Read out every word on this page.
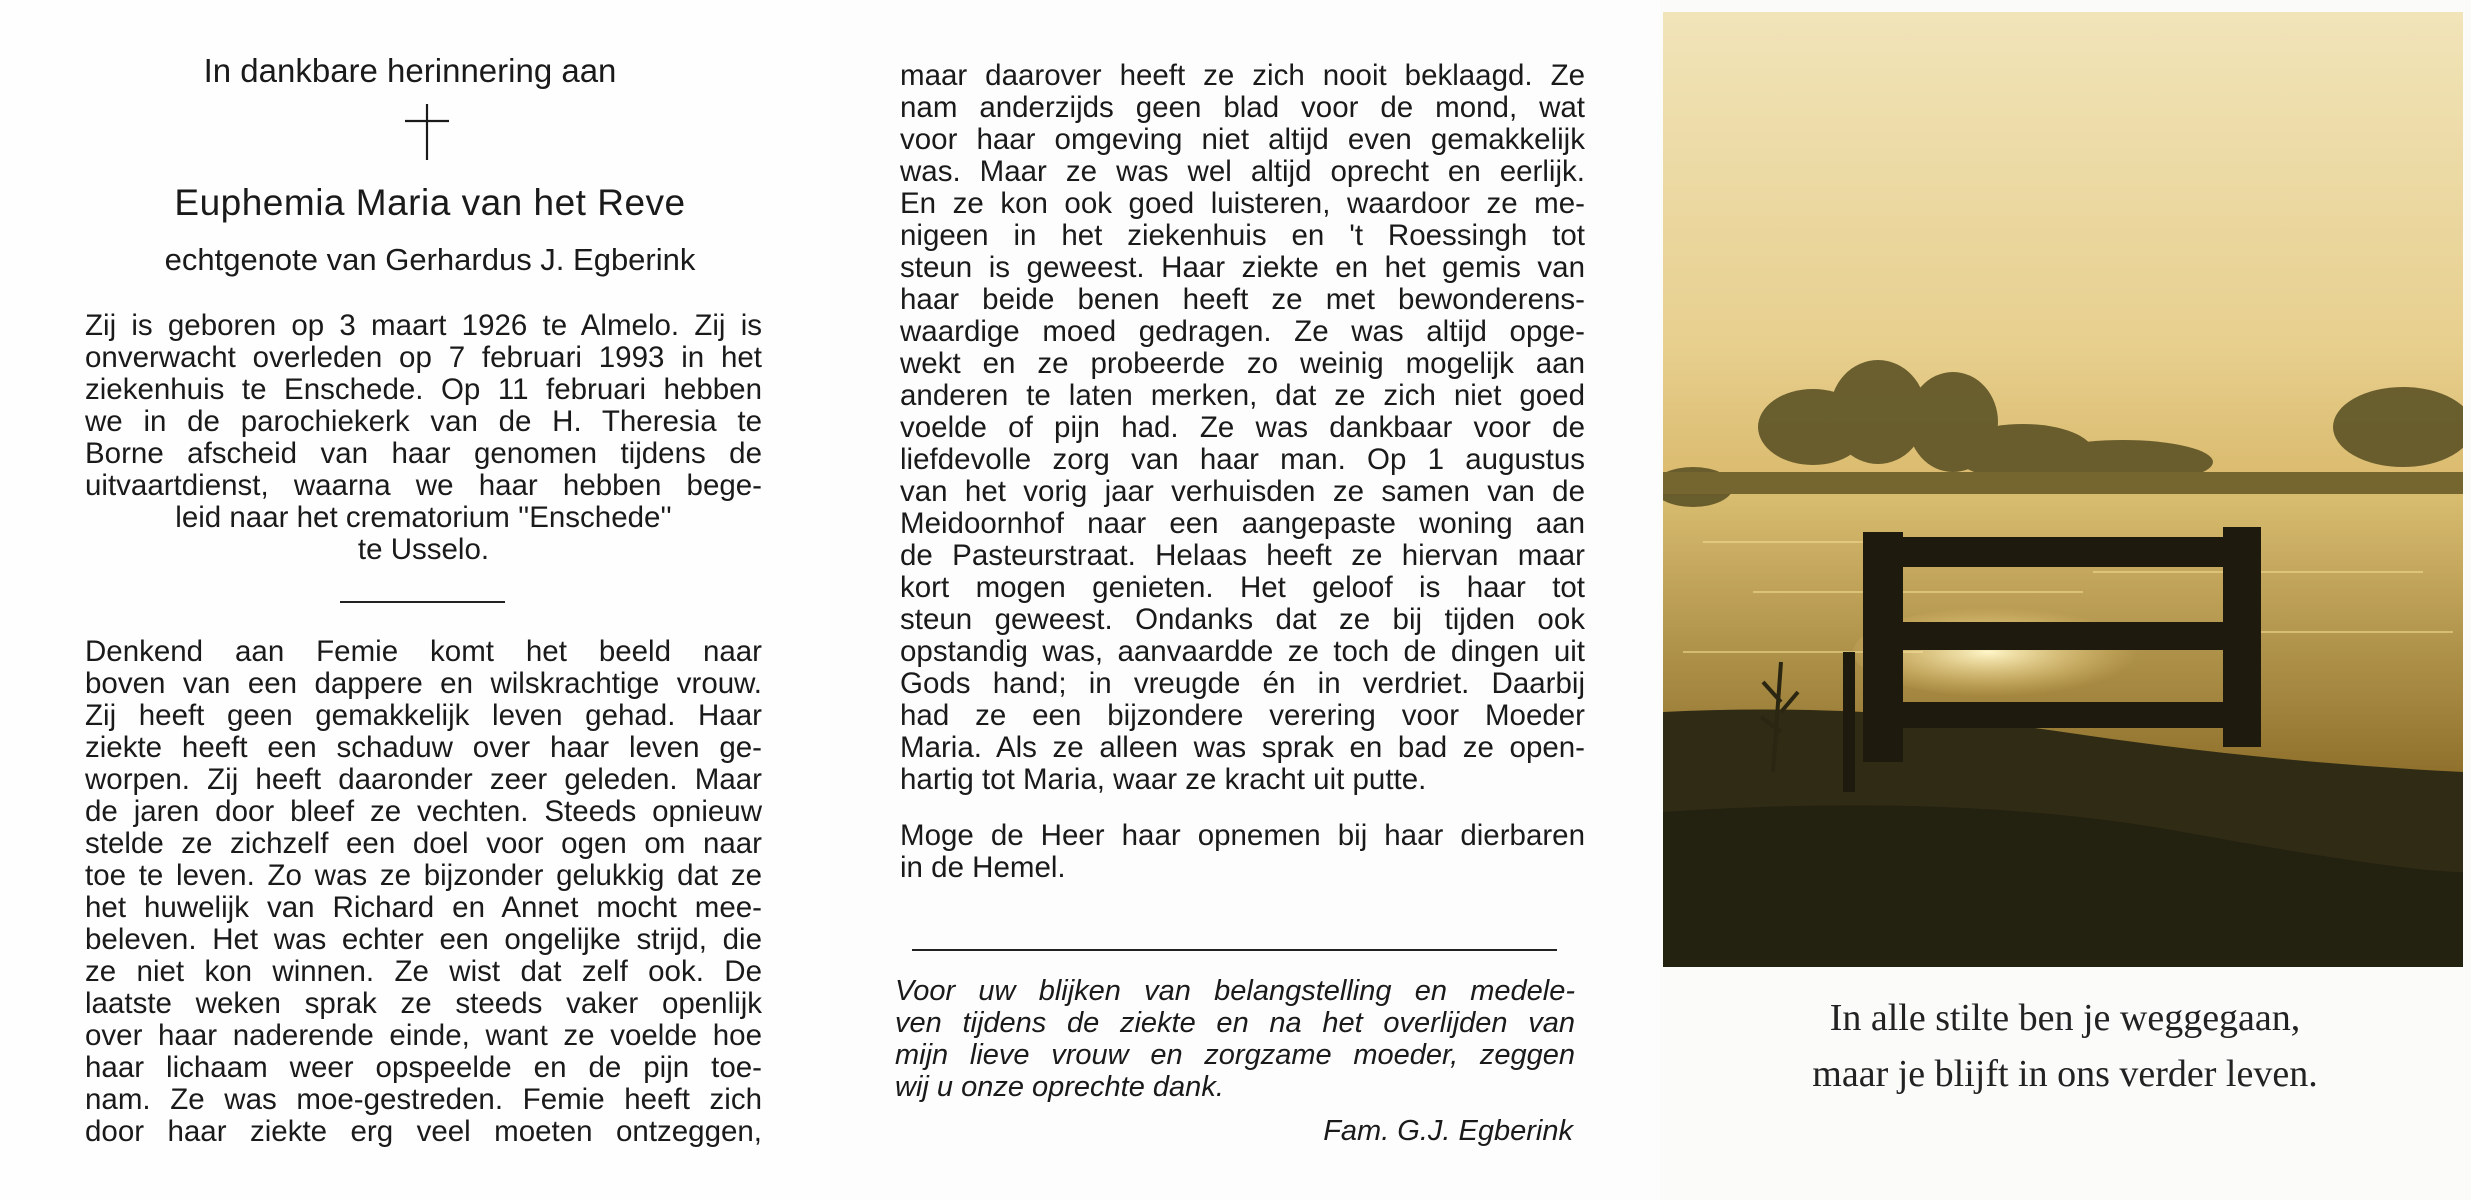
In dankbare herinnering aan
Euphemia Maria van het Reve
echtgenote van Gerhardus J. Egberink
Zij is geboren op 3 maart 1926 te Almelo. Zij is
onverwacht overleden op 7 februari 1993 in het
ziekenhuis te Enschede. Op 11 februari hebben
we in de parochiekerk van de H. Theresia te
Borne afscheid van haar genomen tijdens de
uitvaartdienst, waarna we haar hebben bege-
leid naar het crematorium ''Enschede''
te Usselo.
Denkend aan Femie komt het beeld naar
boven van een dappere en wilskrachtige vrouw.
Zij heeft geen gemakkelijk leven gehad. Haar
ziekte heeft een schaduw over haar leven ge-
worpen. Zij heeft daaronder zeer geleden. Maar
de jaren door bleef ze vechten. Steeds opnieuw
stelde ze zichzelf een doel voor ogen om naar
toe te leven. Zo was ze bijzonder gelukkig dat ze
het huwelijk van Richard en Annet mocht mee-
beleven. Het was echter een ongelijke strijd, die
ze niet kon winnen. Ze wist dat zelf ook. De
laatste weken sprak ze steeds vaker openlijk
over haar naderende einde, want ze voelde hoe
haar lichaam weer opspeelde en de pijn toe-
nam. Ze was moe-gestreden. Femie heeft zich
door haar ziekte erg veel moeten ontzeggen,
maar daarover heeft ze zich nooit beklaagd. Ze
nam anderzijds geen blad voor de mond, wat
voor haar omgeving niet altijd even gemakkelijk
was. Maar ze was wel altijd oprecht en eerlijk.
En ze kon ook goed luisteren, waardoor ze me-
nigeen in het ziekenhuis en 't Roessingh tot
steun is geweest. Haar ziekte en het gemis van
haar beide benen heeft ze met bewonderens-
waardige moed gedragen. Ze was altijd opge-
wekt en ze probeerde zo weinig mogelijk aan
anderen te laten merken, dat ze zich niet goed
voelde of pijn had. Ze was dankbaar voor de
liefdevolle zorg van haar man. Op 1 augustus
van het vorig jaar verhuisden ze samen van de
Meidoornhof naar een aangepaste woning aan
de Pasteurstraat. Helaas heeft ze hiervan maar
kort mogen genieten. Het geloof is haar tot
steun geweest. Ondanks dat ze bij tijden ook
opstandig was, aanvaardde ze toch de dingen uit
Gods hand; in vreugde én in verdriet. Daarbij
had ze een bijzondere verering voor Moeder
Maria. Als ze alleen was sprak en bad ze open-
hartig tot Maria, waar ze kracht uit putte.
Moge de Heer haar opnemen bij haar dierbaren
in de Hemel.
Voor uw blijken van belangstelling en medele-
ven tijdens de ziekte en na het overlijden van
mijn lieve vrouw en zorgzame moeder, zeggen
wij u onze oprechte dank.
Fam. G.J. Egberink
In alle stilte ben je weggegaan,
maar je blijft in ons verder leven.
